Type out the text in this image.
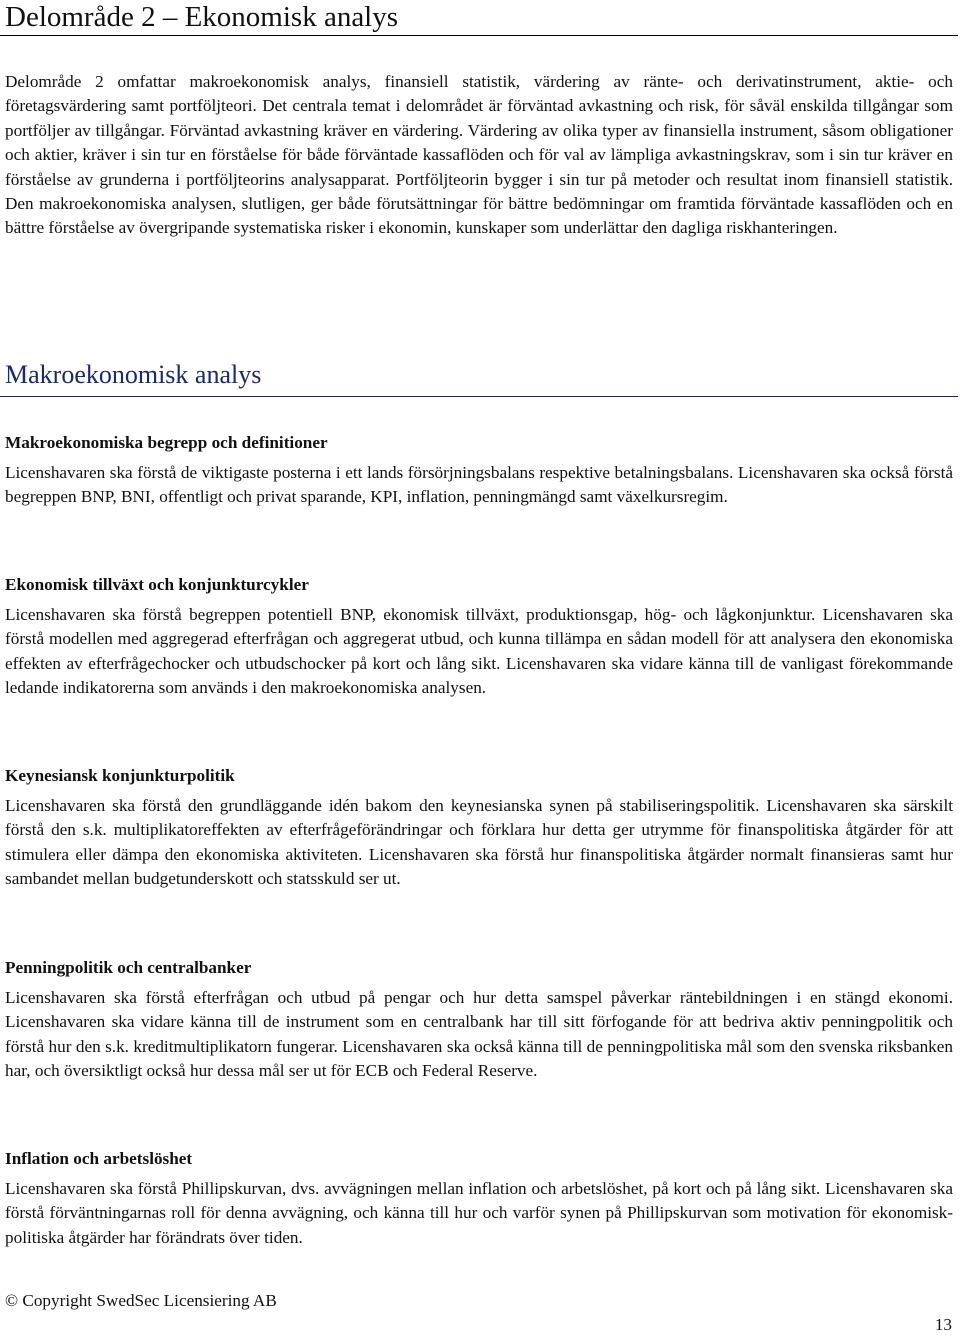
Delområde 2 – Ekonomisk analys

Delområde 2 omfattar makroekonomisk analys, finansiell statistik, värdering av ränte- och derivatinstrument, aktie- och företagsvärdering samt portföljteori. Det centrala temat i delområdet är förväntad avkastning och risk, för såväl enskilda tillgångar som portföljer av tillgångar. Förväntad avkastning kräver en värdering. Värdering av olika typer av finansiella instrument, såsom obligationer och aktier, kräver i sin tur en förståelse för både förväntade kassaflöden och för val av lämpliga avkastningskrav, som i sin tur kräver en förståelse av grunderna i portföljteorins analysapparat. Portföljteorin bygger i sin tur på metoder och resultat inom finansiell statistik. Den makroekonomiska analysen, slutligen, ger både förutsättningar för bättre bedömningar om framtida förväntade kassaflöden och en bättre förståelse av övergripande systematiska risker i ekonomin, kunskaper som underlättar den dagliga riskhanteringen.

Makroekonomisk analys
Makroekonomiska begrepp och definitioner

Licenshavaren ska förstå de viktigaste posterna i ett lands försörjningsbalans respektive betalningsbalans. Licenshavaren ska också förstå begreppen BNP, BNI, offentligt och privat sparande, KPI, inflation, penningmängd samt växelkursregim.

Ekonomisk tillväxt och konjunkturcykler

Licenshavaren ska förstå begreppen potentiell BNP, ekonomisk tillväxt, produktionsgap, hög- och lågkonjunktur. Licenshavaren ska förstå modellen med aggregerad efterfrågan och aggregerat utbud, och kunna tillämpa en sådan modell för att analysera den ekonomiska effekten av efterfrågechocker och utbudschocker på kort och lång sikt. Licenshavaren ska vidare känna till de vanligast förekommande ledande indikatorerna som används i den makroekonomiska analysen.

Keynesiansk konjunkturpolitik

Licenshavaren ska förstå den grundläggande idén bakom den keynesianska synen på stabiliseringspolitik. Licenshavaren ska särskilt förstå den s.k. multiplikatoreffekten av efterfrågeförändringar och förklara hur detta ger utrymme för finanspolitiska åtgärder för att stimulera eller dämpa den ekonomiska aktiviteten. Licenshavaren ska förstå hur finanspolitiska åtgärder normalt finansieras samt hur sambandet mellan budgetunderskott och statsskuld ser ut.

Penningpolitik och centralbanker

Licenshavaren ska förstå efterfrågan och utbud på pengar och hur detta samspel påverkar räntebildningen i en stängd ekonomi. Licenshavaren ska vidare känna till de instrument som en centralbank har till sitt förfogande för att bedriva aktiv penningpolitik och förstå hur den s.k. kreditmultiplikatorn fungerar. Licenshavaren ska också känna till de penningpolitiska mål som den svenska riksbanken har, och översiktligt också hur dessa mål ser ut för ECB och Federal Reserve.

Inflation och arbetslöshet

Licenshavaren ska förstå Phillipskurvan, dvs. avvägningen mellan inflation och arbetslöshet, på kort och på lång sikt. Licenshavaren ska förstå förväntningarnas roll för denna avvägning, och känna till hur och varför synen på Phillipskurvan som motivation för ekonomisk-politiska åtgärder har förändrats över tiden.

© Copyright SwedSec Licensiering AB
13
